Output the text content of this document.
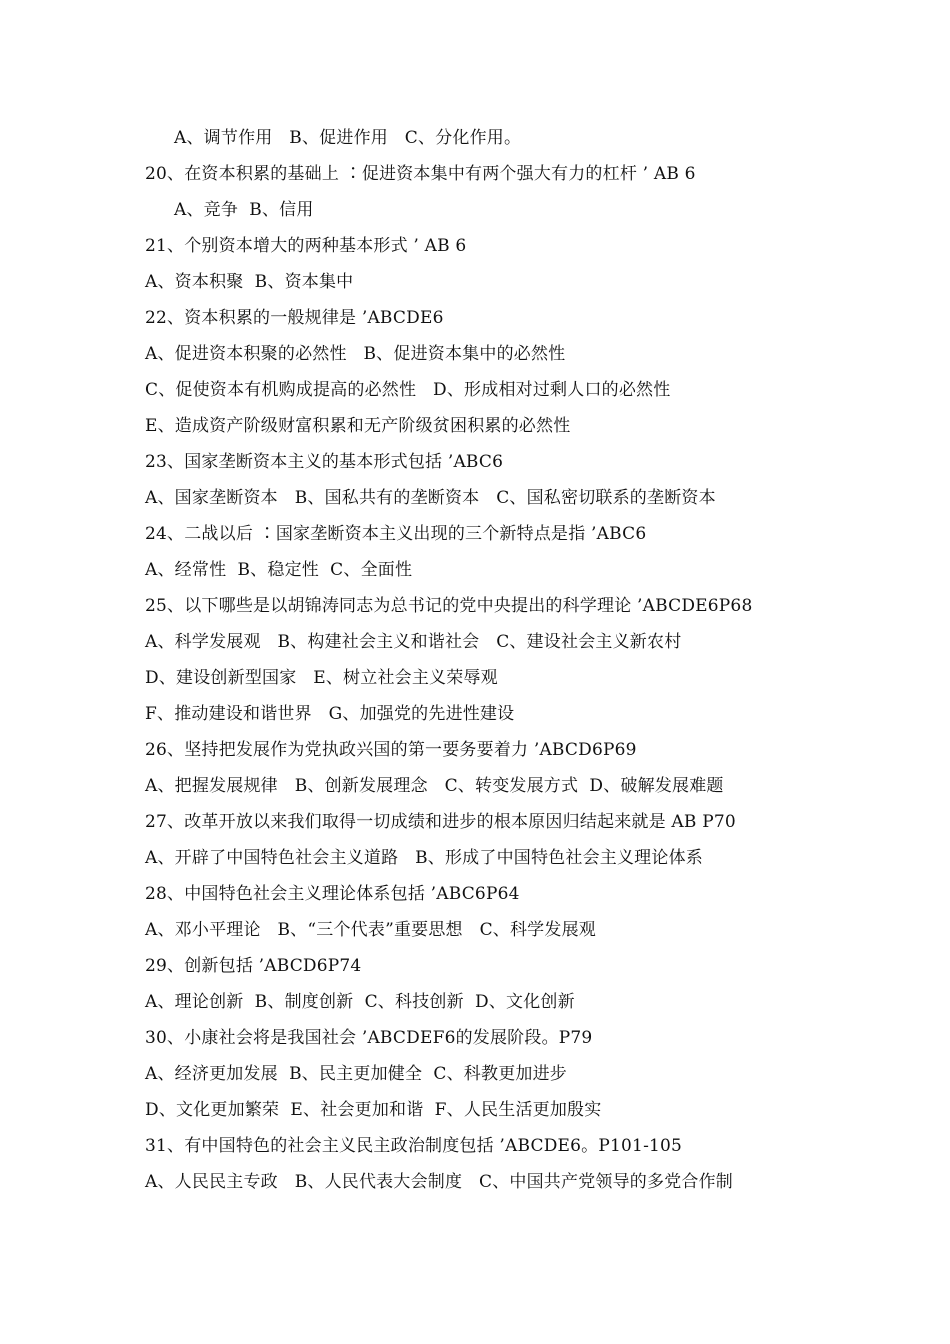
A、调节作用   B、促进作用   C、分化作用。
20、在资本积累的基础上 ∶促进资本集中有两个强大有力的杠杆 ’ AB 6
A、竞争  B、信用
21、个别资本增大的两种基本形式 ’ AB 6
A、资本积聚  B、资本集中
22、资本积累的一般规律是 ’ABCDE6
A、促进资本积聚的必然性   B、促进资本集中的必然性
C、促使资本有机购成提高的必然性   D、形成相对过剩人口的必然性
E、造成资产阶级财富积累和无产阶级贫困积累的必然性
23、国家垄断资本主义的基本形式包括 ’ABC6
A、国家垄断资本   B、国私共有的垄断资本   C、国私密切联系的垄断资本
24、二战以后 ∶国家垄断资本主义出现的三个新特点是指 ’ABC6
A、经常性  B、稳定性  C、全面性
25、以下哪些是以胡锦涛同志为总书记的党中央提出的科学理论 ’ABCDE6P68
A、科学发展观   B、构建社会主义和谐社会   C、建设社会主义新农村
D、建设创新型国家   E、树立社会主义荣辱观
F、推动建设和谐世界   G、加强党的先进性建设
26、坚持把发展作为党执政兴国的第一要务要着力 ’ABCD6P69
A、把握发展规律   B、创新发展理念   C、转变发展方式  D、破解发展难题
27、改革开放以来我们取得一切成绩和进步的根本原因归结起来就是 AB P70
A、开辟了中国特色社会主义道路   B、形成了中国特色社会主义理论体系
28、中国特色社会主义理论体系包括 ’ABC6P64
A、邓小平理论   B、“三个代表”重要思想   C、科学发展观
29、创新包括 ’ABCD6P74
A、理论创新  B、制度创新  C、科技创新  D、文化创新
30、小康社会将是我国社会 ’ABCDEF6的发展阶段。P79
A、经济更加发展  B、民主更加健全  C、科教更加进步
D、文化更加繁荣  E、社会更加和谐  F、人民生活更加殷实
31、有中国特色的社会主义民主政治制度包括 ’ABCDE6。P101-105
A、人民民主专政   B、人民代表大会制度   C、中国共产党领导的多党合作制
